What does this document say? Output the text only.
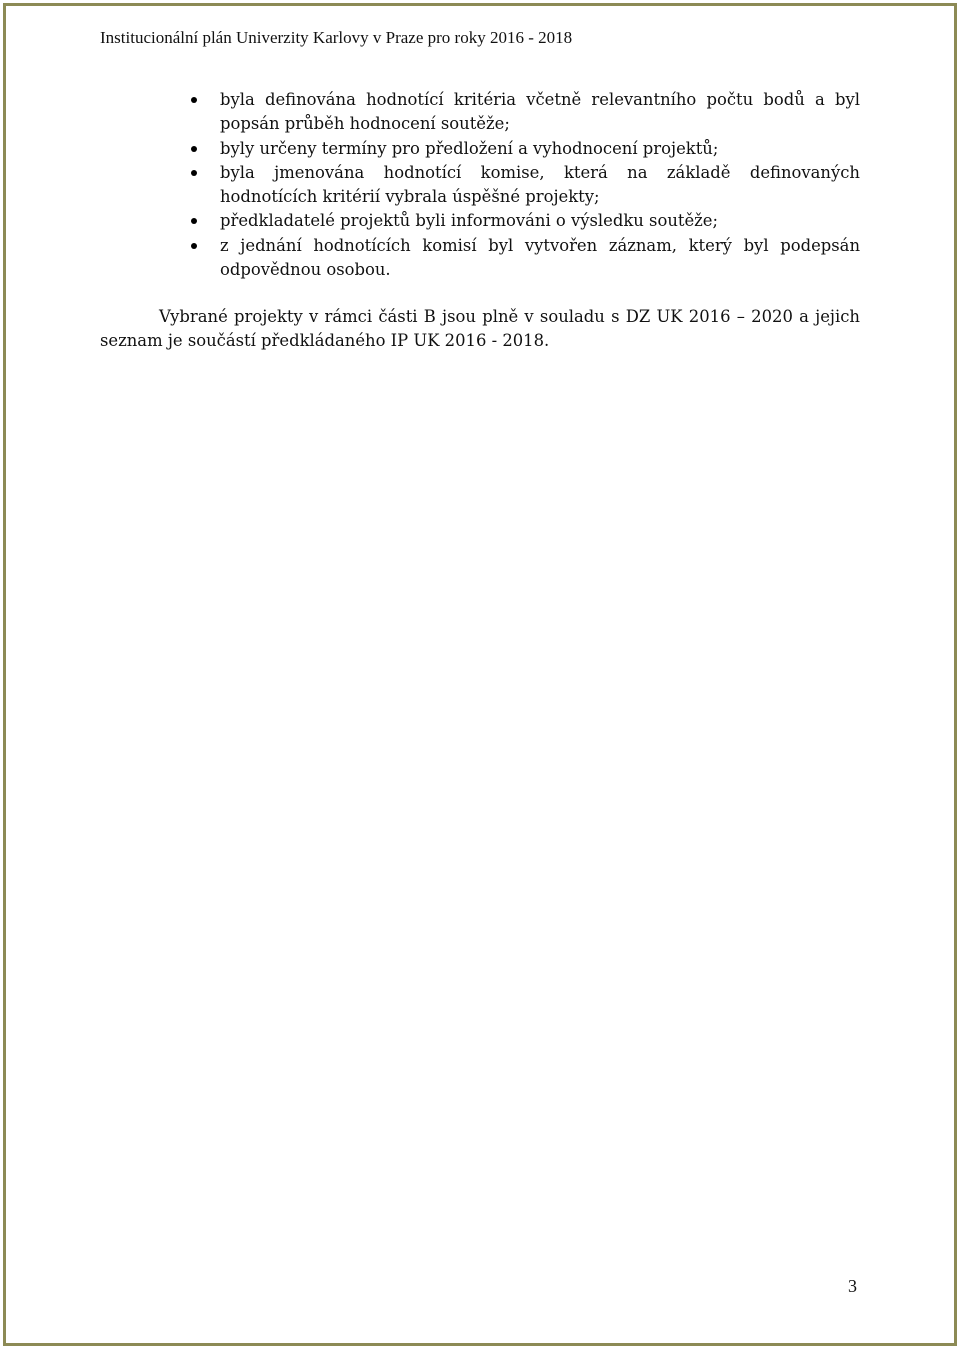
Institucionální plán Univerzity Karlovy v Praze pro roky 2016 - 2018
byla definována hodnotící kritéria včetně relevantního počtu bodů a byl popsán průběh hodnocení soutěže;
byly určeny termíny pro předložení a vyhodnocení projektů;
byla jmenována hodnotící komise, která na základě definovaných hodnotících kritérií vybrala úspěšné projekty;
předkladatelé projektů byli informováni o výsledku soutěže;
z jednání hodnotících komisí byl vytvořen záznam, který byl podepsán odpovědnou osobou.

Vybrané projekty v rámci části B jsou plně v souladu s DZ UK 2016 – 2020 a jejich seznam je součástí předkládaného IP UK 2016 - 2018.

3
